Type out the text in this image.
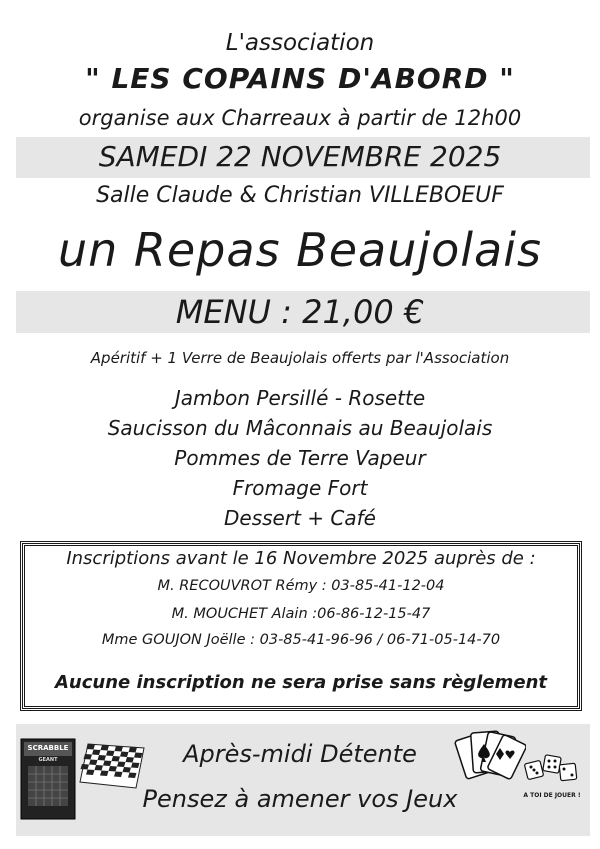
L'association
" LES COPAINS D'ABORD "
organise aux Charreaux à partir de 12h00
SAMEDI 22 NOVEMBRE 2025
Salle Claude & Christian VILLEBOEUF
un Repas Beaujolais
MENU : 21,00 €
Apéritif + 1 Verre de Beaujolais offerts par l'Association
Jambon Persillé - Rosette
Saucisson du Mâconnais au Beaujolais
Pommes de Terre Vapeur
Fromage Fort
Dessert + Café
Inscriptions avant le 16 Novembre 2025 auprès de :
M. RECOUVROT Rémy : 03-85-41-12-04
M. MOUCHET Alain :06-86-12-15-47
Mme GOUJON Joëlle : 03-85-41-96-96 / 06-71-05-14-70
Aucune inscription ne sera prise sans règlement
Après-midi Détente
Pensez à amener vos Jeux
SCRABBLE
GEANT
A TOI DE JOUER !
